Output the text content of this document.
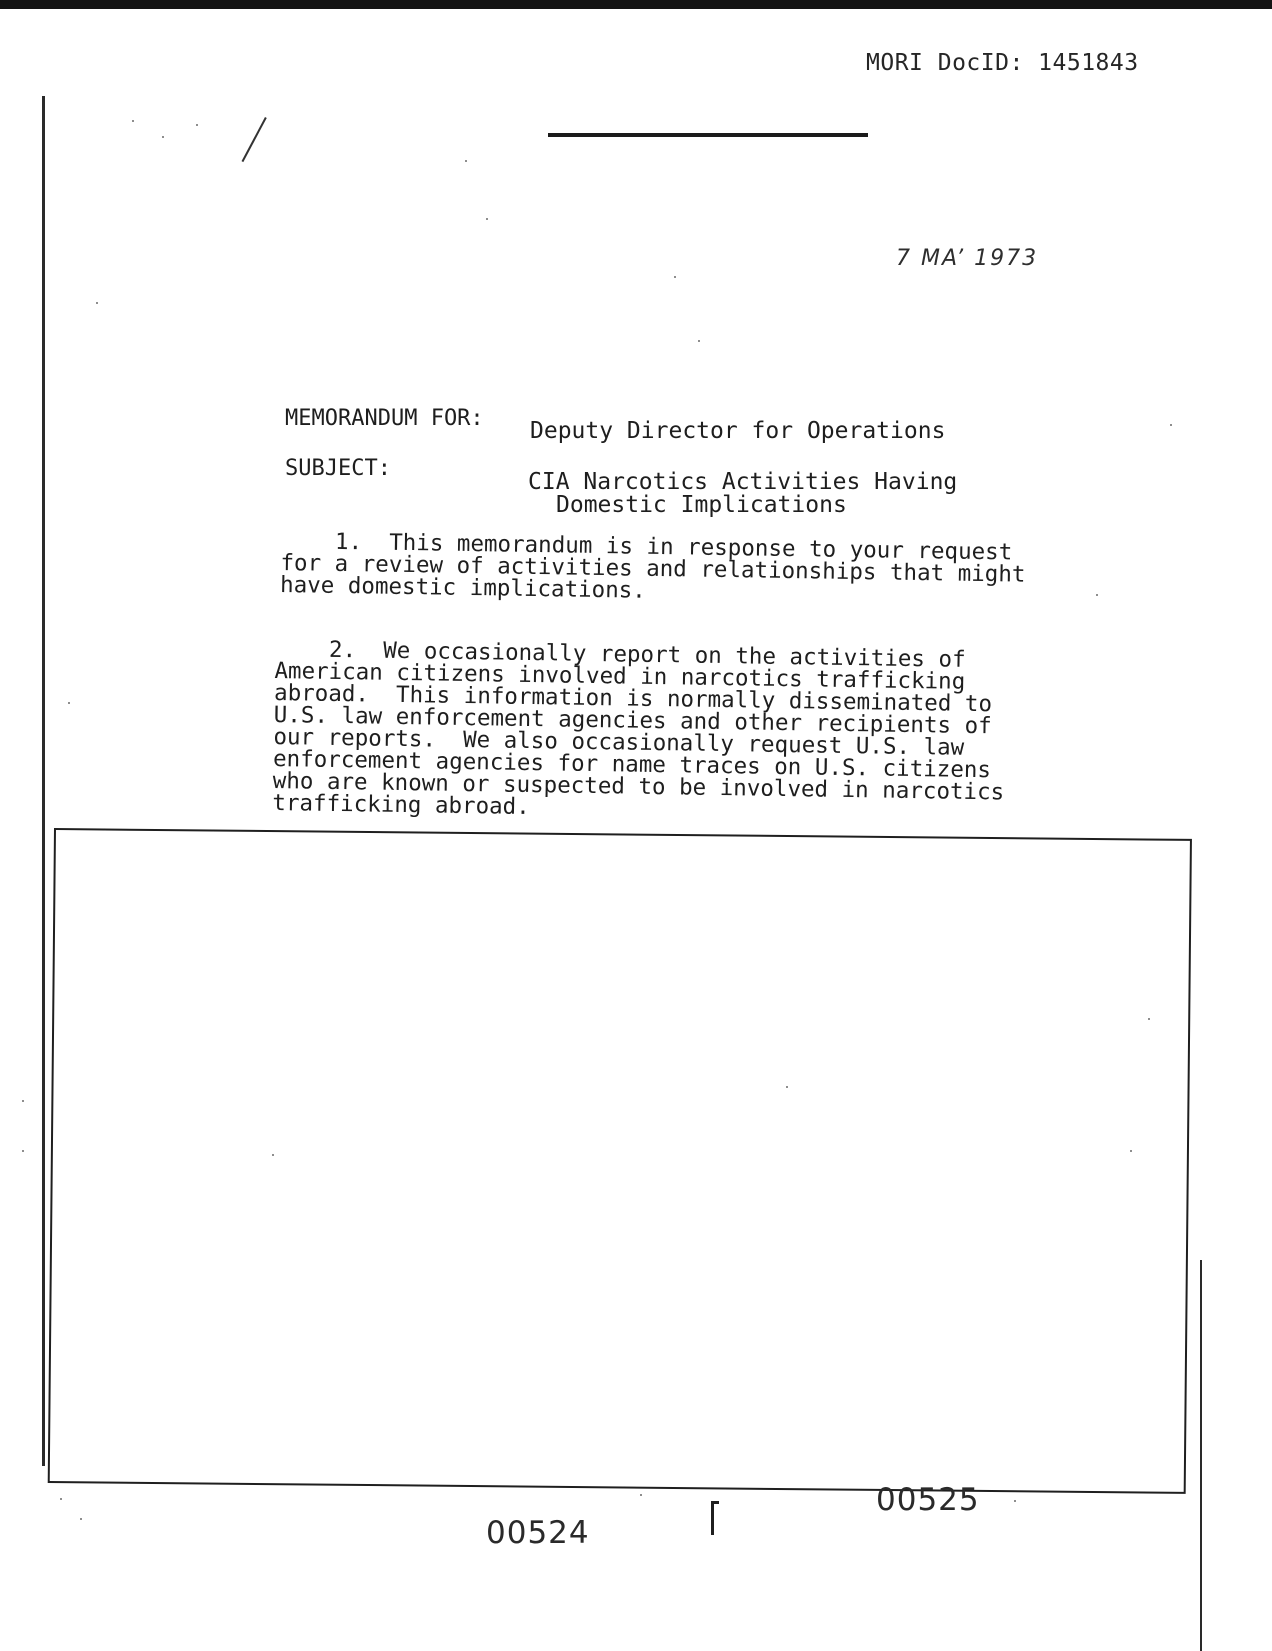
MORI DocID: 1451843
7 MA’ 1973
MEMORANDUM FOR: Deputy Director for Operations
SUBJECT:
CIA Narcotics Activities Having
Domestic Implications
1.  This memorandum is in response to your request
for a review of activities and relationships that might
have domestic implications.
2.  We occasionally report on the activities of
American citizens involved in narcotics trafficking
abroad.  This information is normally disseminated to
U.S. law enforcement agencies and other recipients of
our reports.  We also occasionally request U.S. law
enforcement agencies for name traces on U.S. citizens
who are known or suspected to be involved in narcotics
trafficking abroad.
00525
00524
